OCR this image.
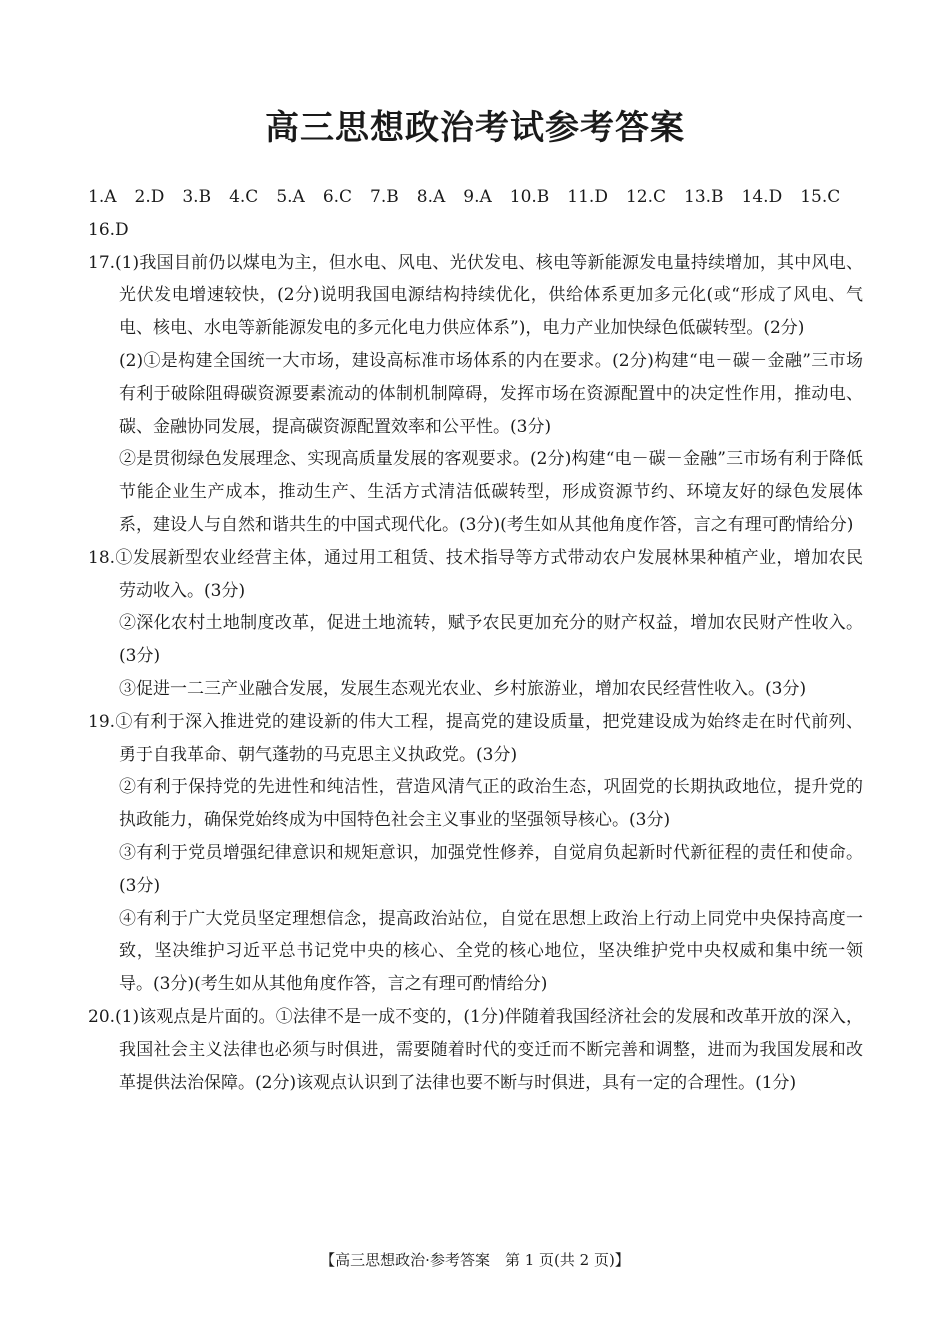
高三思想政治考试参考答案

1.A 2.D 3.B 4.C 5.A 6.C 7.B 8.A 9.A 10.B 11.D 12.C 13.B 14.D 15.C16.D

17.(1)我国目前仍以煤电为主，但水电、风电、光伏发电、核电等新能源发电量持续增加，其中风电、光伏发电增速较快，(2分)说明我国电源结构持续优化，供给体系更加多元化(或“形成了风电、气电、核电、水电等新能源发电的多元化电力供应体系”)，电力产业加快绿色低碳转型。(2分)

(2)①是构建全国统一大市场，建设高标准市场体系的内在要求。(2分)构建“电－碳－金融”三市场有利于破除阻碍碳资源要素流动的体制机制障碍，发挥市场在资源配置中的决定性作用，推动电、碳、金融协同发展，提高碳资源配置效率和公平性。(3分)

②是贯彻绿色发展理念、实现高质量发展的客观要求。(2分)构建“电－碳－金融”三市场有利于降低节能企业生产成本，推动生产、生活方式清洁低碳转型，形成资源节约、环境友好的绿色发展体系，建设人与自然和谐共生的中国式现代化。(3分)(考生如从其他角度作答，言之有理可酌情给分)

18.①发展新型农业经营主体，通过用工租赁、技术指导等方式带动农户发展林果种植产业，增加农民劳动收入。(3分)

②深化农村土地制度改革，促进土地流转，赋予农民更加充分的财产权益，增加农民财产性收入。(3分)

③促进一二三产业融合发展，发展生态观光农业、乡村旅游业，增加农民经营性收入。(3分)

19.①有利于深入推进党的建设新的伟大工程，提高党的建设质量，把党建设成为始终走在时代前列、勇于自我革命、朝气蓬勃的马克思主义执政党。(3分)

②有利于保持党的先进性和纯洁性，营造风清气正的政治生态，巩固党的长期执政地位，提升党的执政能力，确保党始终成为中国特色社会主义事业的坚强领导核心。(3分)

③有利于党员增强纪律意识和规矩意识，加强党性修养，自觉肩负起新时代新征程的责任和使命。(3分)

④有利于广大党员坚定理想信念，提高政治站位，自觉在思想上政治上行动上同党中央保持高度一致，坚决维护习近平总书记党中央的核心、全党的核心地位，坚决维护党中央权威和集中统一领导。(3分)(考生如从其他角度作答，言之有理可酌情给分)

20.(1)该观点是片面的。①法律不是一成不变的，(1分)伴随着我国经济社会的发展和改革开放的深入，我国社会主义法律也必须与时俱进，需要随着时代的变迁而不断完善和调整，进而为我国发展和改革提供法治保障。(2分)该观点认识到了法律也要不断与时俱进，具有一定的合理性。(1分)

【高三思想政治·参考答案　第 1 页(共 2 页)】
